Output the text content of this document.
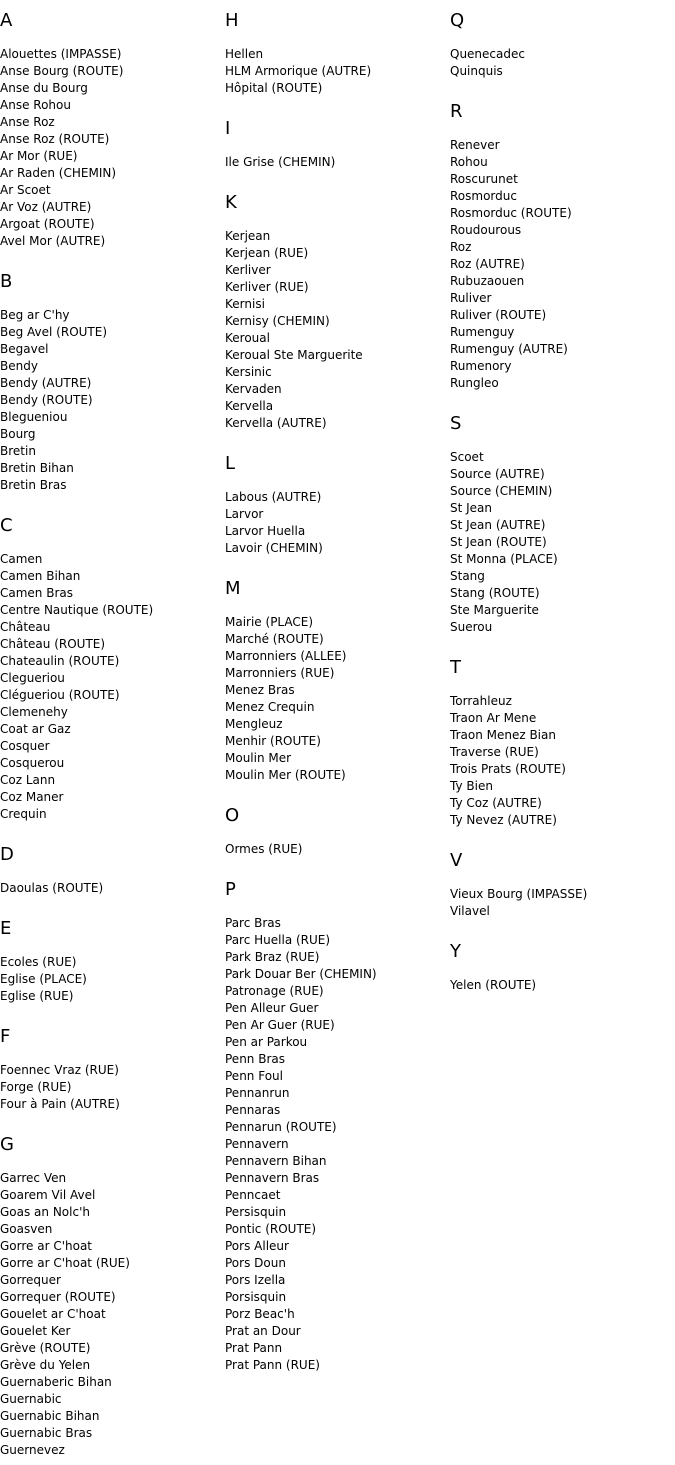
A
Alouettes (IMPASSE)
Anse Bourg (ROUTE)
Anse du Bourg
Anse Rohou
Anse Roz
Anse Roz (ROUTE)
Ar Mor (RUE)
Ar Raden (CHEMIN)
Ar Scoet
Ar Voz (AUTRE)
Argoat (ROUTE)
Avel Mor (AUTRE)
B
Beg ar C'hy
Beg Avel (ROUTE)
Begavel
Bendy
Bendy (AUTRE)
Bendy (ROUTE)
Blegueniou
Bourg
Bretin
Bretin Bihan
Bretin Bras
C
Camen
Camen Bihan
Camen Bras
Centre Nautique (ROUTE)
Château
Château (ROUTE)
Chateaulin (ROUTE)
Clegueriou
Clégueriou (ROUTE)
Clemenehy
Coat ar Gaz
Cosquer
Cosquerou
Coz Lann
Coz Maner
Crequin
D
Daoulas (ROUTE)
E
Ecoles (RUE)
Eglise (PLACE)
Eglise (RUE)
F
Foennec Vraz (RUE)
Forge (RUE)
Four à Pain (AUTRE)
G
Garrec Ven
Goarem Vil Avel
Goas an Nolc'h
Goasven
Gorre ar C'hoat
Gorre ar C'hoat (RUE)
Gorrequer
Gorrequer (ROUTE)
Gouelet ar C'hoat
Gouelet Ker
Grève (ROUTE)
Grève du Yelen
Guernaberic Bihan
Guernabic
Guernabic Bihan
Guernabic Bras
Guernevez
H
Hellen
HLM Armorique (AUTRE)
Hôpital (ROUTE)
I
Ile Grise (CHEMIN)
K
Kerjean
Kerjean (RUE)
Kerliver
Kerliver (RUE)
Kernisi
Kernisy (CHEMIN)
Keroual
Keroual Ste Marguerite
Kersinic
Kervaden
Kervella
Kervella (AUTRE)
L
Labous (AUTRE)
Larvor
Larvor Huella
Lavoir (CHEMIN)
M
Mairie (PLACE)
Marché (ROUTE)
Marronniers (ALLEE)
Marronniers (RUE)
Menez Bras
Menez Crequin
Mengleuz
Menhir (ROUTE)
Moulin Mer
Moulin Mer (ROUTE)
O
Ormes (RUE)
P
Parc Bras
Parc Huella (RUE)
Park Braz (RUE)
Park Douar Ber (CHEMIN)
Patronage (RUE)
Pen Alleur Guer
Pen Ar Guer (RUE)
Pen ar Parkou
Penn Bras
Penn Foul
Pennanrun
Pennaras
Pennarun (ROUTE)
Pennavern
Pennavern Bihan
Pennavern Bras
Penncaet
Persisquin
Pontic (ROUTE)
Pors Alleur
Pors Doun
Pors Izella
Porsisquin
Porz Beac'h
Prat an Dour
Prat Pann
Prat Pann (RUE)
Q
Quenecadec
Quinquis
R
Renever
Rohou
Roscurunet
Rosmorduc
Rosmorduc (ROUTE)
Roudourous
Roz
Roz (AUTRE)
Rubuzaouen
Ruliver
Ruliver (ROUTE)
Rumenguy
Rumenguy (AUTRE)
Rumenory
Rungleo
S
Scoet
Source (AUTRE)
Source (CHEMIN)
St Jean
St Jean (AUTRE)
St Jean (ROUTE)
St Monna (PLACE)
Stang
Stang (ROUTE)
Ste Marguerite
Suerou
T
Torrahleuz
Traon Ar Mene
Traon Menez Bian
Traverse (RUE)
Trois Prats (ROUTE)
Ty Bien
Ty Coz (AUTRE)
Ty Nevez (AUTRE)
V
Vieux Bourg (IMPASSE)
Vilavel
Y
Yelen (ROUTE)
